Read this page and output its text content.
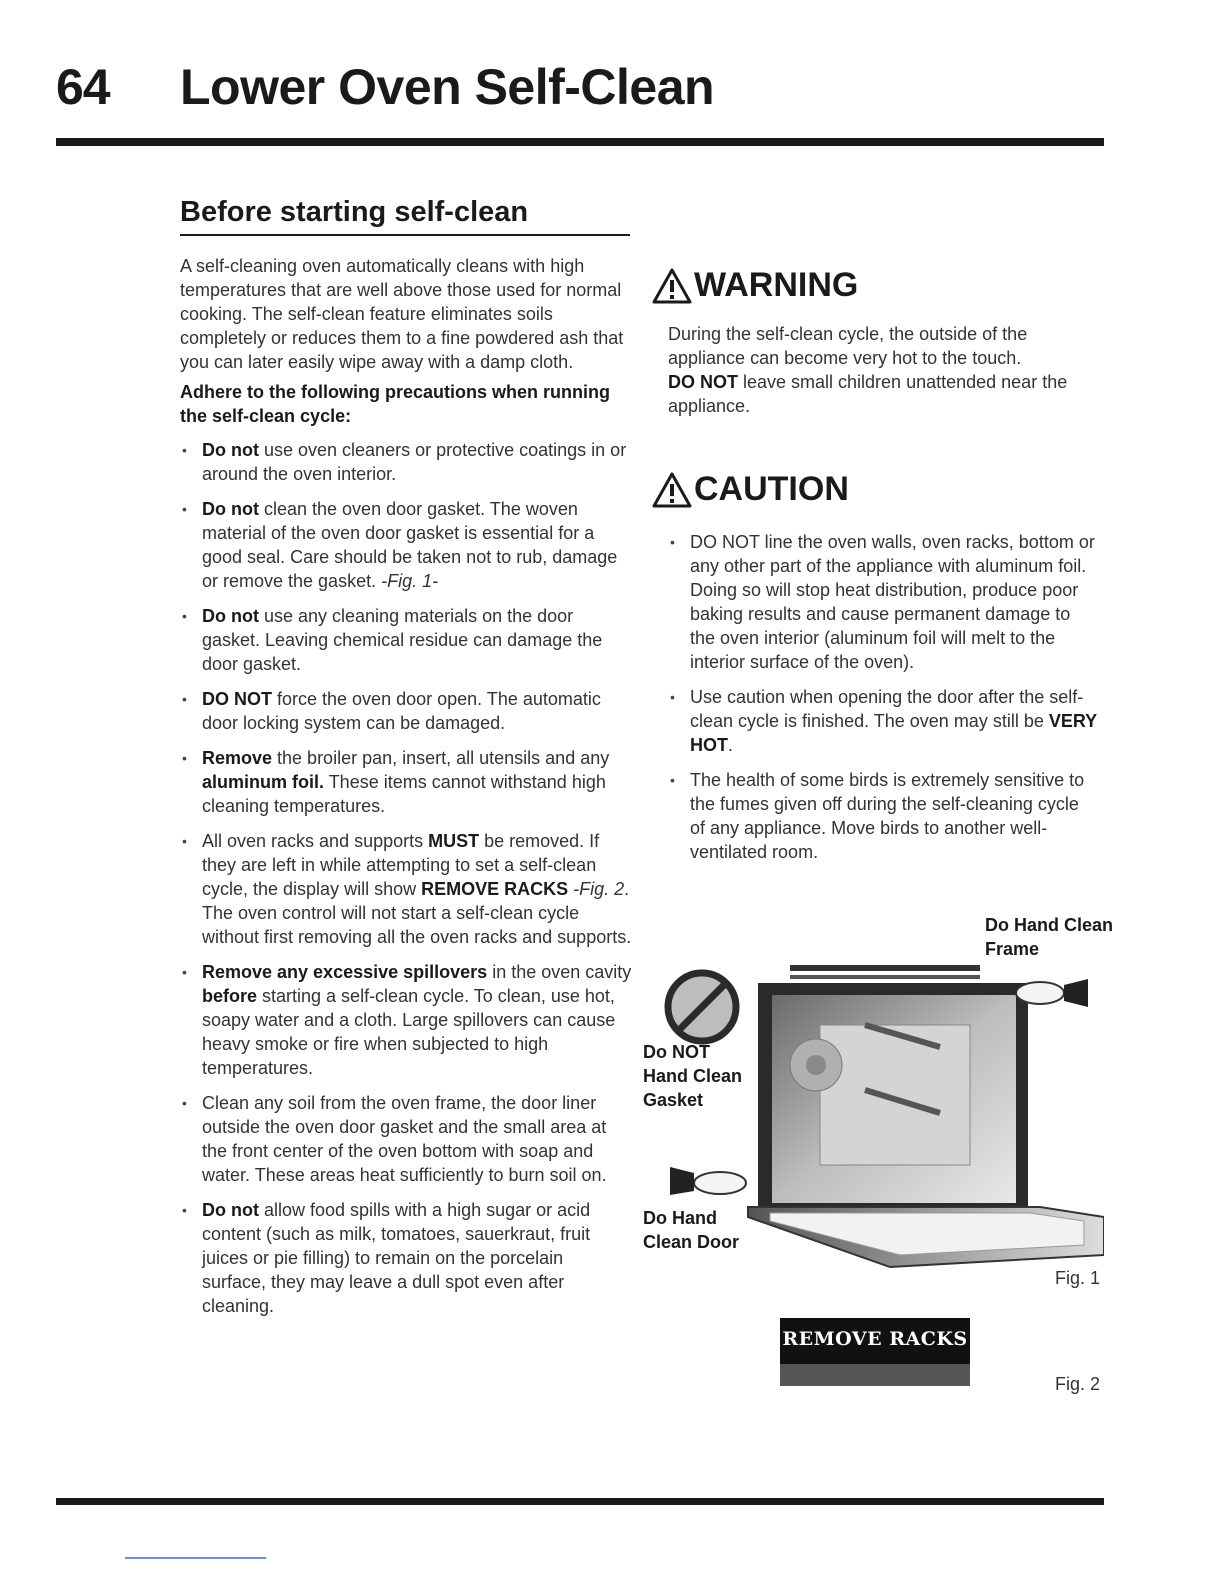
64 Lower Oven Self-Clean
Before starting self-clean

A self-cleaning oven automatically cleans with high temperatures that are well above those used for normal cooking. The self-clean feature eliminates soils completely or reduces them to a fine powdered ash that you can later easily wipe away with a damp cloth.

Adhere to the following precautions when running the self-clean cycle:

• Do not use oven cleaners or protective coatings in or around the oven interior.
• Do not clean the oven door gasket. The woven material of the oven door gasket is essential for a good seal. Care should be taken not to rub, damage or remove the gasket. -Fig. 1-
• Do not use any cleaning materials on the door gasket. Leaving chemical residue can damage the door gasket.
• DO NOT force the oven door open. The automatic door locking system can be damaged.
• Remove the broiler pan, insert, all utensils and any aluminum foil. These items cannot withstand high cleaning temperatures.
• All oven racks and supports MUST be removed. If they are left in while attempting to set a self-clean cycle, the display will show REMOVE RACKS -Fig. 2. The oven control will not start a self-clean cycle without first removing all the oven racks and supports.
• Remove any excessive spillovers in the oven cavity before starting a self-clean cycle. To clean, use hot, soapy water and a cloth. Large spillovers can cause heavy smoke or fire when subjected to high temperatures.
• Clean any soil from the oven frame, the door liner outside the oven door gasket and the small area at the front center of the oven bottom with soap and water. These areas heat sufficiently to burn soil on.
• Do not allow food spills with a high sugar or acid content (such as milk, tomatoes, sauerkraut, fruit juices or pie filling) to remain on the porcelain surface, they may leave a dull spot even after cleaning.
WARNING
During the self-clean cycle, the outside of the appliance can become very hot to the touch.
DO NOT leave small children unattended near the appliance.
CAUTION
• DO NOT line the oven walls, oven racks, bottom or any other part of the appliance with aluminum foil. Doing so will stop heat distribution, produce poor baking results and cause permanent damage to the oven interior (aluminum foil will melt to the interior surface of the oven).
• Use caution when opening the door after the self-clean cycle is finished. The oven may still be VERY HOT.
• The health of some birds is extremely sensitive to the fumes given off during the self-cleaning cycle of any appliance. Move birds to another well-ventilated room.
Do Hand Clean Frame
Do NOT Hand Clean Gasket
Do Hand Clean Door
Fig. 1
REMOVE RACKS
Fig. 2
